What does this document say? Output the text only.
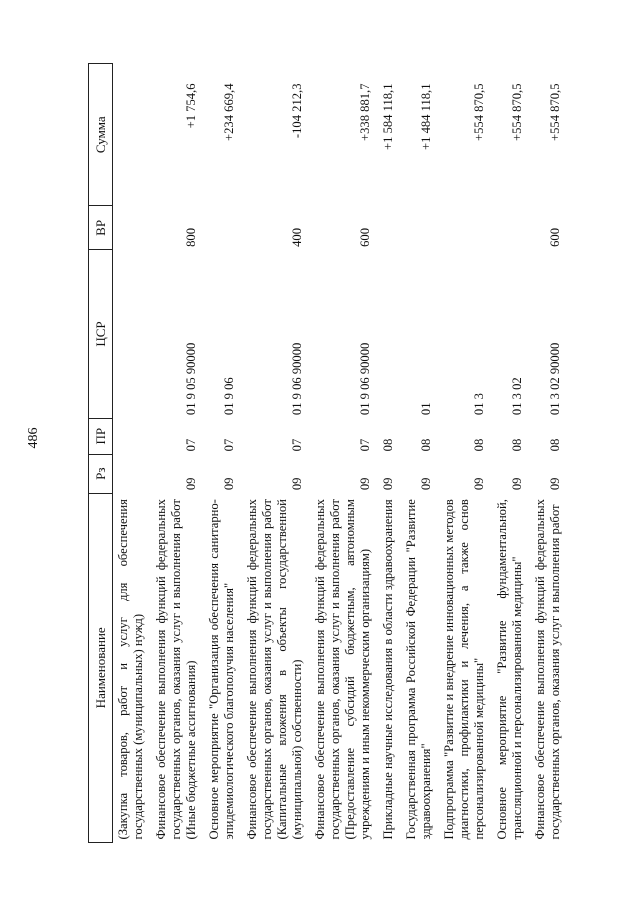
486
Наименование	Рз	ПР	ЦСР	ВР	Сумма
(Закупка товаров, работ и услуг для обеспечения государственных (муниципальных) нужд)					
Финансовое обеспечение выполнения функций федеральных государственных органов, оказания услуг и выполнения работ (Иные бюджетные ассигнования)	09	07	01 9 05 90000	800	+1 754,6
Основное мероприятие "Организация обеспечения санитарно-эпидемиологического благополучия населения"	09	07	01 9 06		+234 669,4
Финансовое обеспечение выполнения функций федеральных государственных органов, оказания услуг и выполнения работ (Капитальные вложения в объекты государственной (муниципальной) собственности)	09	07	01 9 06 90000	400	-104 212,3
Финансовое обеспечение выполнения функций федеральных государственных органов, оказания услуг и выполнения работ (Предоставление субсидий бюджетным, автономным учреждениям и иным некоммерческим организациям)	09	07	01 9 06 90000	600	+338 881,7
Прикладные научные исследования в области здравоохранения	09	08			+1 584 118,1
Государственная программа Российской Федерации "Развитие здравоохранения"	09	08	01		+1 484 118,1
Подпрограмма "Развитие и внедрение инновационных методов диагностики, профилактики и лечения, а также основ персонализированной медицины"	09	08	01 3		+554 870,5
Основное мероприятие "Развитие фундаментальной, трансляционной и персонализированной медицины"	09	08	01 3 02		+554 870,5
Финансовое обеспечение выполнения функций федеральных государственных органов, оказания услуг и выполнения работ	09	08	01 3 02 90000	600	+554 870,5
